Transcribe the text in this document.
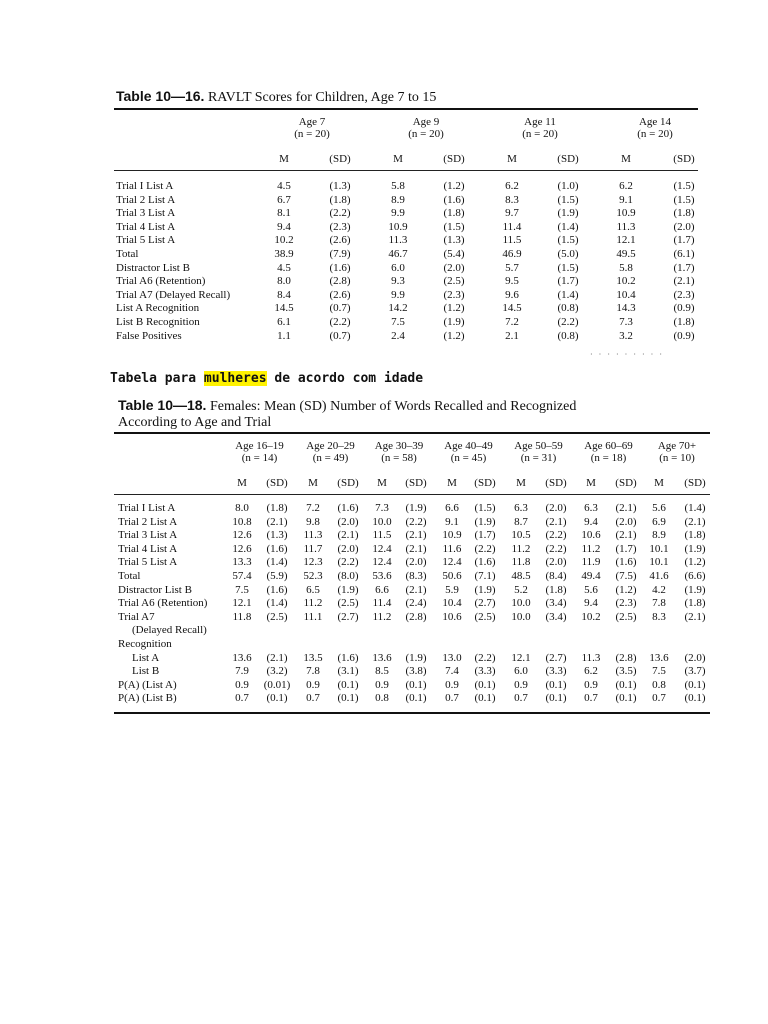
Table 10—16. RAVLT Scores for Children, Age 7 to 15
Age 7
(n = 20)
Age 9
(n = 20)
Age 11
(n = 20)
Age 14
(n = 20)
M	M	M	M
(SD)	(SD)	(SD)	(SD)
Trial I List A	4.5	(1.3)	5.8	(1.2)	6.2	(1.0)	6.2	(1.5)
Trial 2 List A	6.7	(1.8)	8.9	(1.6)	8.3	(1.5)	9.1	(1.5)
Trial 3 List A	8.1	(2.2)	9.9	(1.8)	9.7	(1.9)	10.9	(1.8)
Trial 4 List A	9.4	(2.3)	10.9	(1.5)	11.4	(1.4)	11.3	(2.0)
Trial 5 List A	10.2	(2.6)	11.3	(1.3)	11.5	(1.5)	12.1	(1.7)
Total	38.9	(7.9)	46.7	(5.4)	46.9	(5.0)	49.5	(6.1)
Distractor List B	4.5	(1.6)	6.0	(2.0)	5.7	(1.5)	5.8	(1.7)
Trial A6 (Retention)	8.0	(2.8)	9.3	(2.5)	9.5	(1.7)	10.2	(2.1)
Trial A7 (Delayed Recall)	8.4	(2.6)	9.9	(2.3)	9.6	(1.4)	10.4	(2.3)
List A Recognition	14.5	(0.7)	14.2	(1.2)	14.5	(0.8)	14.3	(0.9)
List B Recognition	6.1	(2.2)	7.5	(1.9)	7.2	(2.2)	7.3	(1.8)
False Positives	1.1	(0.7)	2.4	(1.2)	2.1	(0.8)	3.2	(0.9)
· · · · · · · · ·
Tabela para mulheres de acordo com idade
Table 10—18. Females: Mean (SD) Number of Words Recalled and Recognized
According to Age and Trial
Age 16–19
(n = 14)
Age 20–29
(n = 49)
Age 30–39
(n = 58)
Age 40–49
(n = 45)
Age 50–59
(n = 31)
Age 60–69
(n = 18)
Age 70+
(n = 10)
M	M	M	M	M	M	M
(SD)	(SD)	(SD)	(SD)	(SD)	(SD)	(SD)
Trial I List A	8.0 (1.8) 7.2 (1.6) 7.3 (1.9) 6.6 (1.5) 6.3 (2.0) 6.3 (2.1) 5.6 (1.4)
Trial 2 List A	10.8 (2.1) 9.8 (2.0) 10.0 (2.2) 9.1 (1.9) 8.7 (2.1) 9.4 (2.0) 6.9 (2.1)
Trial 3 List A	12.6 (1.3) 11.3 (2.1) 11.5 (2.1) 10.9 (1.7) 10.5 (2.2) 10.6 (2.1) 8.9 (1.8)
Trial 4 List A	12.6 (1.6) 11.7 (2.0) 12.4 (2.1) 11.6 (2.2) 11.2 (2.2) 11.2 (1.7) 10.1 (1.9)
Trial 5 List A	13.3 (1.4) 12.3 (2.2) 12.4 (2.0) 12.4 (1.6) 11.8 (2.0) 11.9 (1.6) 10.1 (1.2)
Total	57.4 (5.9) 52.3 (8.0) 53.6 (8.3) 50.6 (7.1) 48.5 (8.4) 49.4 (7.5) 41.6 (6.6)
Distractor List B	7.5 (1.6) 6.5 (1.9) 6.6 (2.1) 5.9 (1.9) 5.2 (1.8) 5.6 (1.2) 4.2 (1.9)
Trial A6 (Retention) 12.1 (1.4) 11.2 (2.5) 11.4 (2.4) 10.4 (2.7) 10.0 (3.4) 9.4 (2.3) 7.8 (1.8)
Trial A7	11.8 (2.5) 11.1 (2.7) 11.2 (2.8) 10.6 (2.5) 10.0 (3.4) 10.2 (2.5) 8.3 (2.1)
(Delayed Recall)
Recognition
List A	13.6 (2.1) 13.5 (1.6) 13.6 (1.9) 13.0 (2.2) 12.1 (2.7) 11.3 (2.8) 13.6 (2.0)
List B	7.9 (3.2) 7.8 (3.1) 8.5 (3.8) 7.4 (3.3) 6.0 (3.3) 6.2 (3.5) 7.5 (3.7)
P(A) (List A)	0.9 (0.01) 0.9 (0.1) 0.9 (0.1) 0.9 (0.1) 0.9 (0.1) 0.9 (0.1) 0.8 (0.1)
P(A) (List B)	0.7 (0.1) 0.7 (0.1) 0.8 (0.1) 0.7 (0.1) 0.7 (0.1) 0.7 (0.1) 0.7 (0.1)
